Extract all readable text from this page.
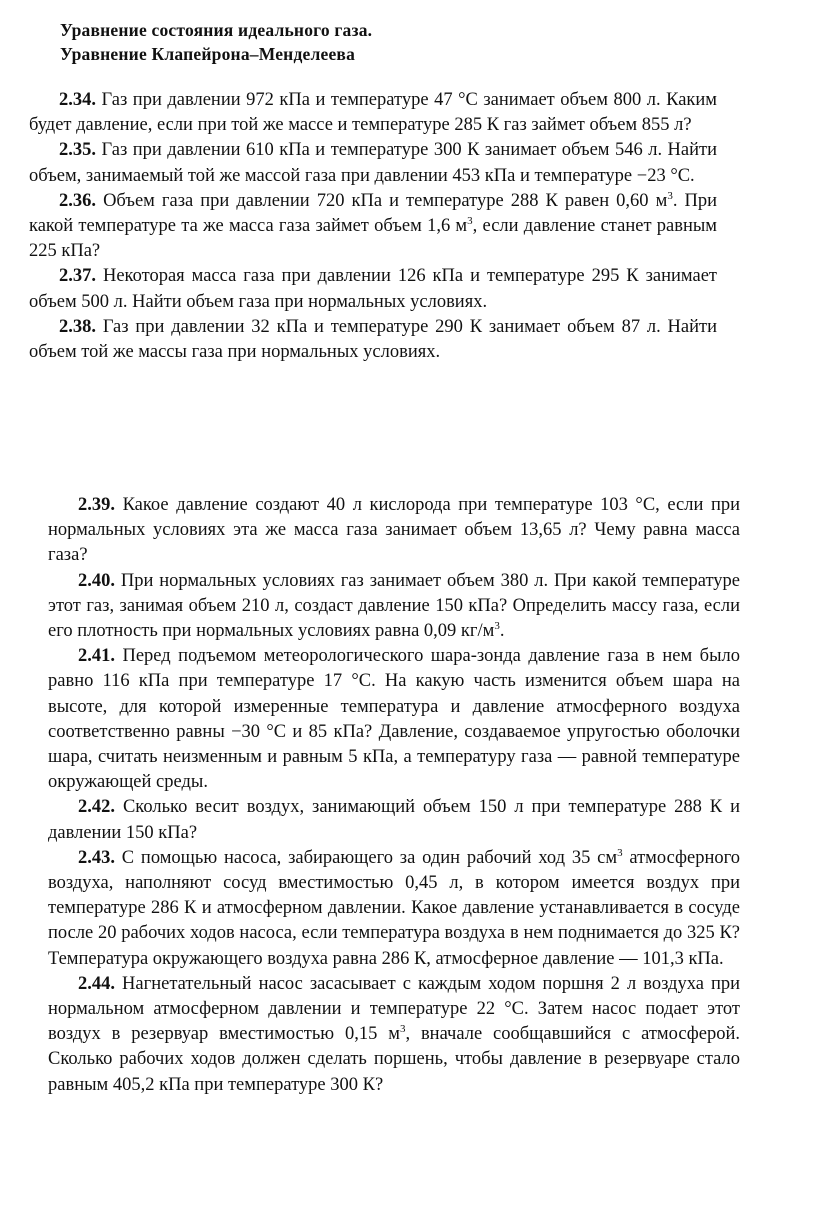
Уравнение состояния идеального газа.
Уравнение Клапейрона–Менделеева

2.34. Газ при давлении 972 кПа и температуре 47 °С занимает объем 800 л. Каким будет давление, если при той же массе и температуре 285 К газ займет объем 855 л?

2.35. Газ при давлении 610 кПа и температуре 300 К занимает объем 546 л. Найти объем, занимаемый той же массой газа при давлении 453 кПа и температуре −23 °С.

2.36. Объем газа при давлении 720 кПа и температуре 288 К равен 0,60 $м^3$. При какой температуре та же масса газа займет объем 1,6 $м^3$, если давление станет равным 225 кПа?

2.37. Некоторая масса газа при давлении 126 кПа и температуре 295 К занимает объем 500 л. Найти объем газа при нормальных условиях.

2.38. Газ при давлении 32 кПа и температуре 290 К занимает объем 87 л. Найти объем той же массы газа при нормальных условиях.

2.39. Какое давление создают 40 л кислорода при температуре 103 °С, если при нормальных условиях эта же масса газа занимает объем 13,65 л? Чему равна масса газа?

2.40. При нормальных условиях газ занимает объем 380 л. При какой температуре этот газ, занимая объем 210 л, создаст давление 150 кПа? Определить массу газа, если его плотность при нормальных условиях равна 0,09 $кг/м^3$.

2.41. Перед подъемом метеорологического шара-зонда давление газа в нем было равно 116 кПа при температуре 17 °С. На какую часть изменится объем шара на высоте, для которой измеренные температура и давление атмосферного воздуха соответственно равны −30 °С и 85 кПа? Давление, создаваемое упругостью оболочки шара, считать неизменным и равным 5 кПа, а температуру газа — равной температуре окружающей среды.

2.42. Сколько весит воздух, занимающий объем 150 л при температуре 288 К и давлении 150 кПа?

2.43. С помощью насоса, забирающего за один рабочий ход 35 $см^3$ атмосферного воздуха, наполняют сосуд вместимостью 0,45 л, в котором имеется воздух при температуре 286 К и атмосферном давлении. Какое давление устанавливается в сосуде после 20 рабочих ходов насоса, если температура воздуха в нем поднимается до 325 К? Температура окружающего воздуха равна 286 К, атмосферное давление — 101,3 кПа.

2.44. Нагнетательный насос засасывает с каждым ходом поршня 2 л воздуха при нормальном атмосферном давлении и температуре 22 °С. Затем насос подает этот воздух в резервуар вместимостью 0,15 $м^3$, вначале сообщавшийся с атмосферой. Сколько рабочих ходов должен сделать поршень, чтобы давление в резервуаре стало равным 405,2 кПа при температуре 300 К?
